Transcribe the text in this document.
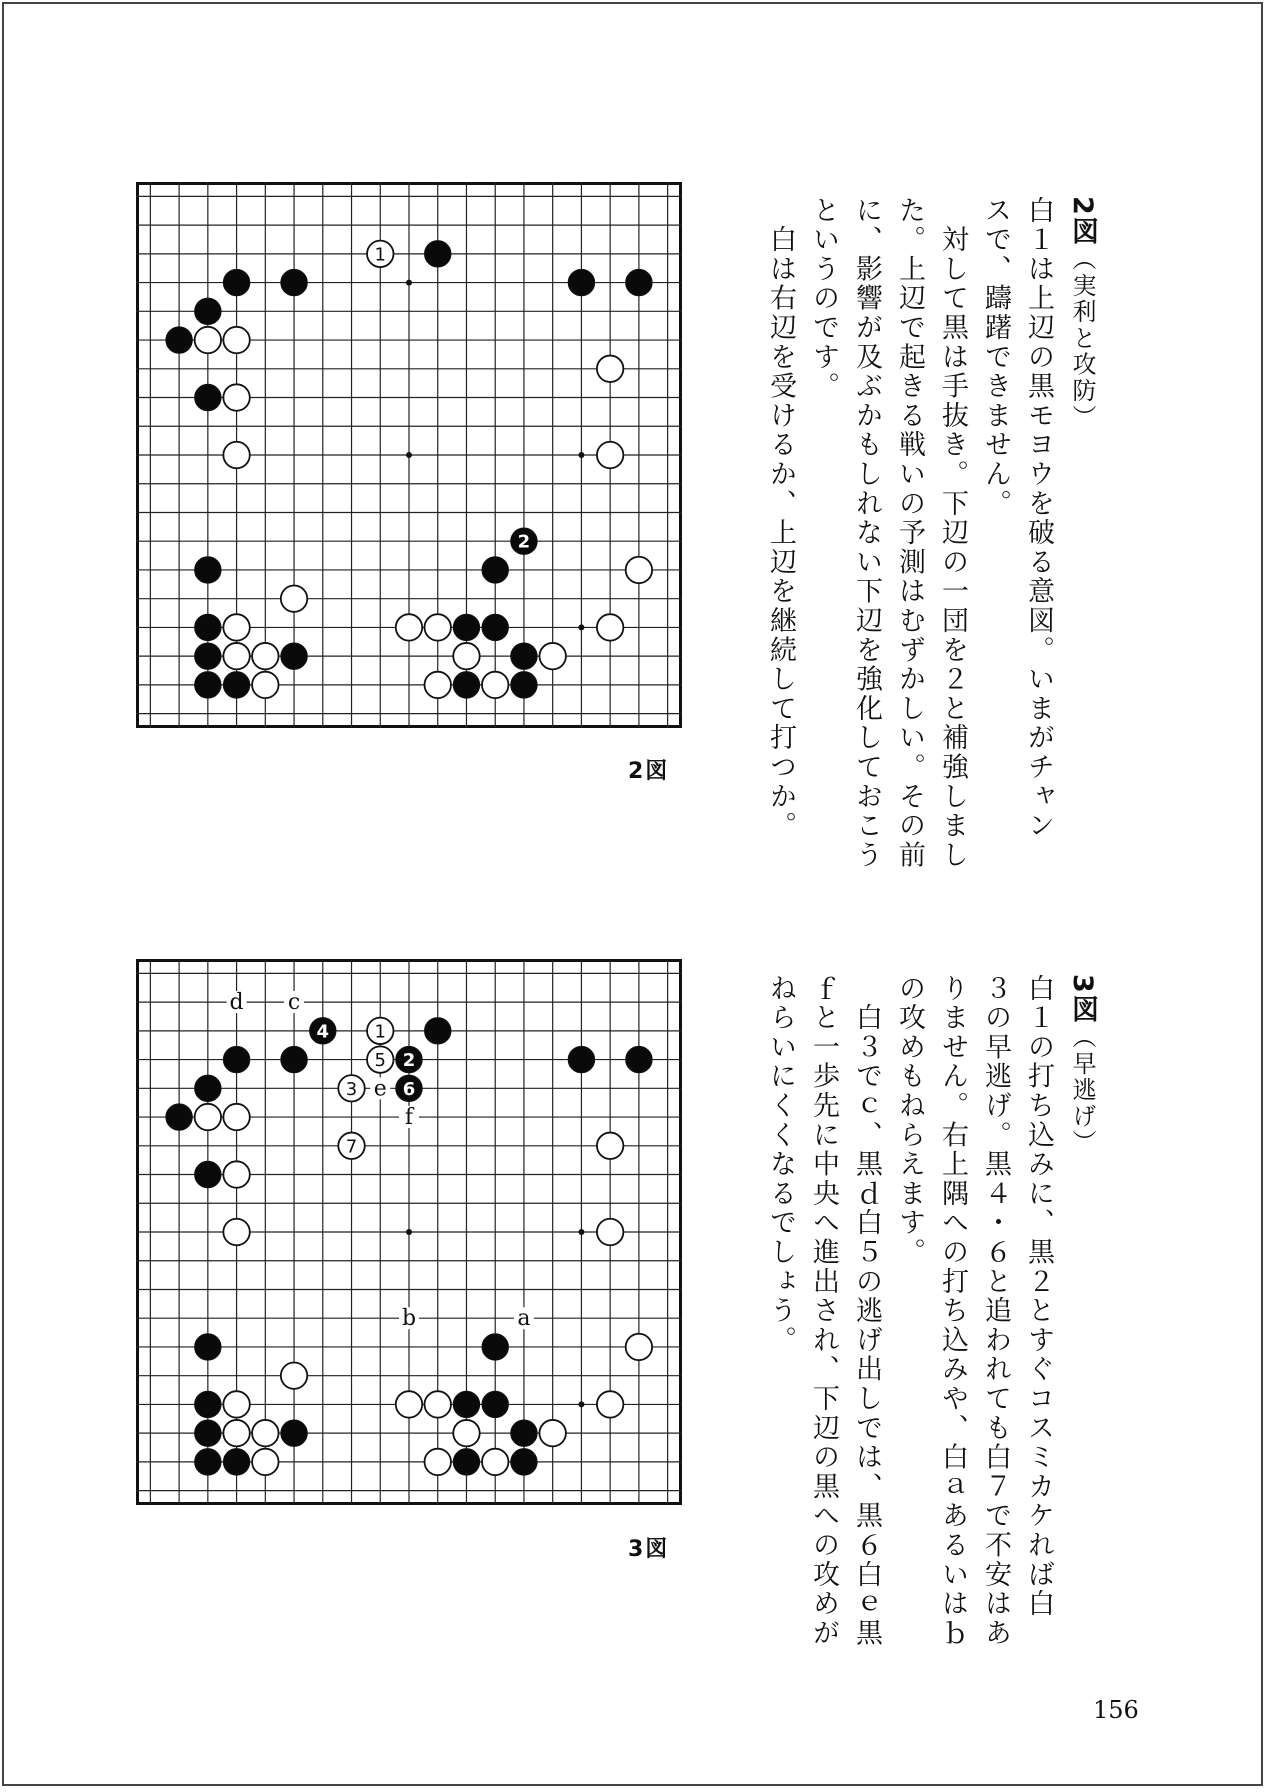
1
2
2図
d c
e
f
b	a
1
4
5 2
3	6
7
3図
2図（実利と攻防）
白１は上辺の黒モヨウを破る意図。いまがチャン
スで、躊躇できません。
　対して黒は手抜き。下辺の一団を２と補強しまし
た。上辺で起きる戦いの予測はむずかしい。その前
に、影響が及ぶかもしれない下辺を強化しておこう
というのです。
　白は右辺を受けるか、上辺を継続して打つか。
3図（早逃げ）
白１の打ち込みに、黒２とすぐコスミカケれば白
３の早逃げ。黒４・６と追われても白７で不安はあ
りません。右上隅への打ち込みや、白ａあるいはｂ
の攻めもねらえます。
　白３でｃ、黒ｄ白５の逃げ出しでは、黒６白ｅ黒
ｆと一歩先に中央へ進出され、下辺の黒への攻めが
ねらいにくくなるでしょう。
156
